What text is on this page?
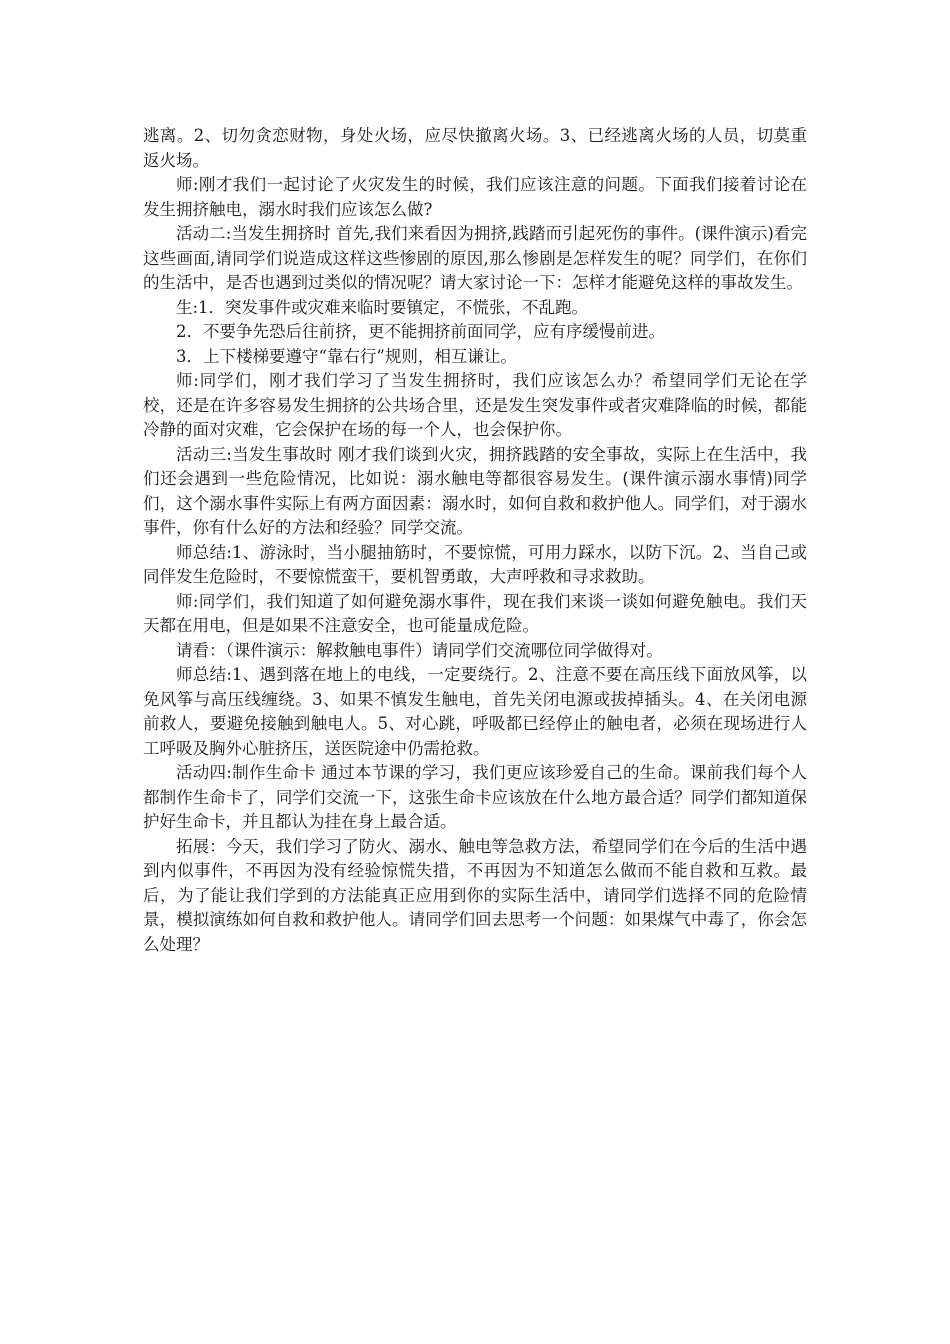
逃离。2、切勿贪恋财物，身处火场，应尽快撤离火场。3、已经逃离火场的人员，切莫重返火场。

师:刚才我们一起讨论了火灾发生的时候，我们应该注意的问题。下面我们接着讨论在发生拥挤触电，溺水时我们应该怎么做?

活动二:当发生拥挤时 首先,我们来看因为拥挤,践踏而引起死伤的事件。(课件演示)看完这些画面,请同学们说造成这样这些惨剧的原因,那么惨剧是怎样发生的呢？同学们，在你们的生活中，是否也遇到过类似的情况呢？请大家讨论一下：怎样才能避免这样的事故发生。

生:1．突发事件或灾难来临时要镇定，不慌张，不乱跑。

2．不要争先恐后往前挤，更不能拥挤前面同学，应有序缓慢前进。

3．上下楼梯要遵守“靠右行”规则，相互谦让。

师:同学们，刚才我们学习了当发生拥挤时，我们应该怎么办？希望同学们无论在学校，还是在许多容易发生拥挤的公共场合里，还是发生突发事件或者灾难降临的时候，都能冷静的面对灾难，它会保护在场的每一个人，也会保护你。

活动三:当发生事故时 刚才我们谈到火灾，拥挤践踏的安全事故，实际上在生活中，我们还会遇到一些危险情况，比如说：溺水触电等都很容易发生。(课件演示溺水事情)同学们，这个溺水事件实际上有两方面因素：溺水时，如何自救和救护他人。同学们，对于溺水事件，你有什么好的方法和经验？同学交流。

师总结:1、游泳时，当小腿抽筋时，不要惊慌，可用力踩水，以防下沉。2、当自己或同伴发生危险时，不要惊慌蛮干，要机智勇敢，大声呼救和寻求救助。

师:同学们，我们知道了如何避免溺水事件，现在我们来谈一谈如何避免触电。我们天天都在用电，但是如果不注意安全，也可能量成危险。

请看：（课件演示：解救触电事件）请同学们交流哪位同学做得对。

师总结:1、遇到落在地上的电线，一定要绕行。2、注意不要在高压线下面放风筝，以免风筝与高压线缠绕。3、如果不慎发生触电，首先关闭电源或拔掉插头。4、在关闭电源前救人，要避免接触到触电人。5、对心跳，呼吸都已经停止的触电者，必须在现场进行人工呼吸及胸外心脏挤压，送医院途中仍需抢救。

活动四:制作生命卡 通过本节课的学习，我们更应该珍爱自己的生命。课前我们每个人都制作生命卡了，同学们交流一下，这张生命卡应该放在什么地方最合适？同学们都知道保护好生命卡，并且都认为挂在身上最合适。

拓展：今天，我们学习了防火、溺水、触电等急救方法，希望同学们在今后的生活中遇到内似事件，不再因为没有经验惊慌失措，不再因为不知道怎么做而不能自救和互救。最后，为了能让我们学到的方法能真正应用到你的实际生活中，请同学们选择不同的危险情景，模拟演练如何自救和救护他人。请同学们回去思考一个问题：如果煤气中毒了，你会怎么处理？
